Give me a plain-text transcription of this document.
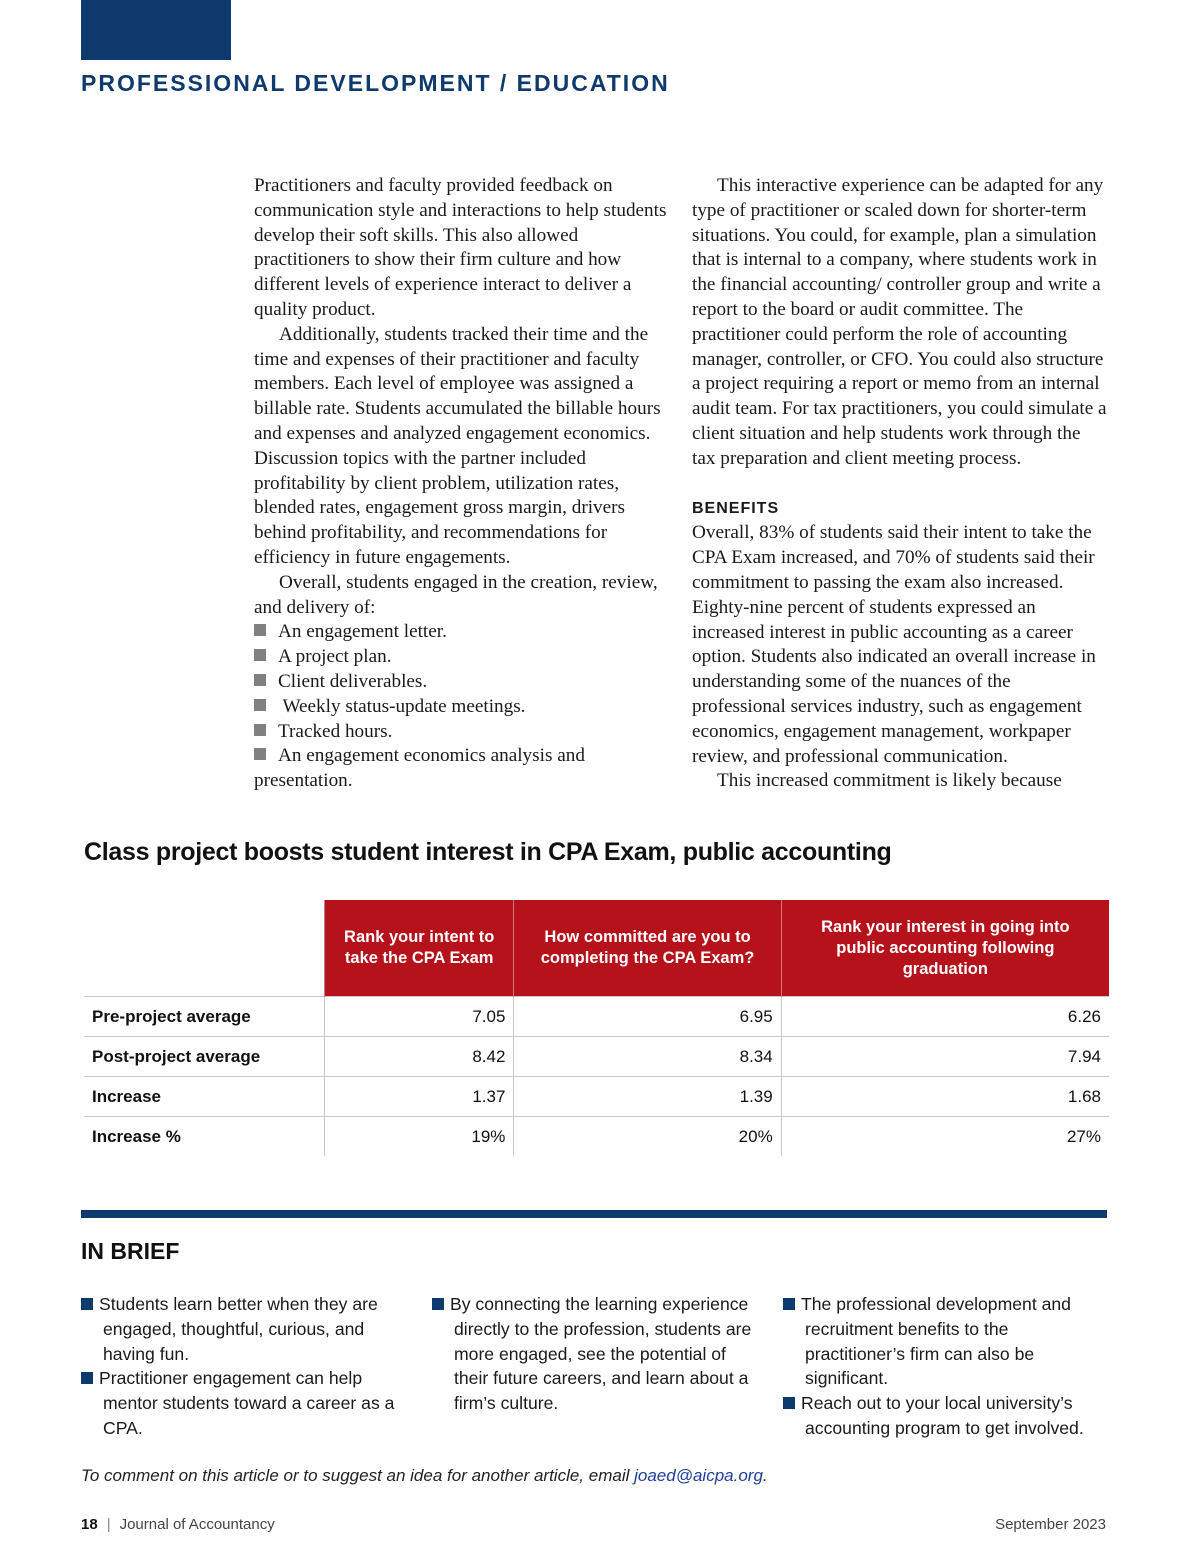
PROFESSIONAL DEVELOPMENT / EDUCATION

Practitioners and faculty provided feedback on communication style and interactions to help students develop their soft skills. This also allowed practitioners to show their firm culture and how different levels of experience interact to deliver a quality product.

Additionally, students tracked their time and the time and expenses of their practitioner and faculty members. Each level of employee was assigned a billable rate. Students accumulated the billable hours and expenses and analyzed engagement economics. Discussion topics with the partner included profitability by client problem, utilization rates, blended rates, engagement gross margin, drivers behind profitability, and recommendations for efficiency in future engagements.

Overall, students engaged in the creation, review, and delivery of:

An engagement letter.
A project plan.
Client deliverables.
Weekly status-update meetings.
Tracked hours.
An engagement economics analysis and presentation.

This interactive experience can be adapted for any type of practitioner or scaled down for shorter-term situations. You could, for example, plan a simulation that is internal to a company, where students work in the financial accounting/ controller group and write a report to the board or audit committee. The practitioner could perform the role of accounting manager, controller, or CFO. You could also structure a project requiring a report or memo from an internal audit team. For tax practitioners, you could simulate a client situation and help students work through the tax preparation and client meeting process.

BENEFITS

Overall, 83% of students said their intent to take the CPA Exam increased, and 70% of students said their commitment to passing the exam also increased. Eighty-nine percent of students expressed an increased interest in public accounting as a career option. Students also indicated an overall increase in understanding some of the nuances of the professional services industry, such as engagement economics, engagement management, workpaper review, and professional communication.

This increased commitment is likely because

Class project boosts student interest in CPA Exam, public accounting
	Rank your intent to take the CPA Exam	How committed are you to completing the CPA Exam?	Rank your interest in going into public accounting following graduation
Pre-project average	7.05	6.95	6.26
Post-project average	8.42	8.34	7.94
Increase	1.37	1.39	1.68
Increase %	19%	20%	27%
IN BRIEF

Students learn better when they are engaged, thoughtful, curious, and having fun.

Practitioner engagement can help mentor students toward a career as a CPA.

By connecting the learning experience directly to the profession, students are more engaged, see the potential of their future careers, and learn about a firm’s culture.

The professional development and recruitment benefits to the practitioner’s firm can also be significant.

Reach out to your local university’s accounting program to get involved.

To comment on this article or to suggest an idea for another article, email joaed@aicpa.org.
18 | Journal of Accountancy	September 2023
